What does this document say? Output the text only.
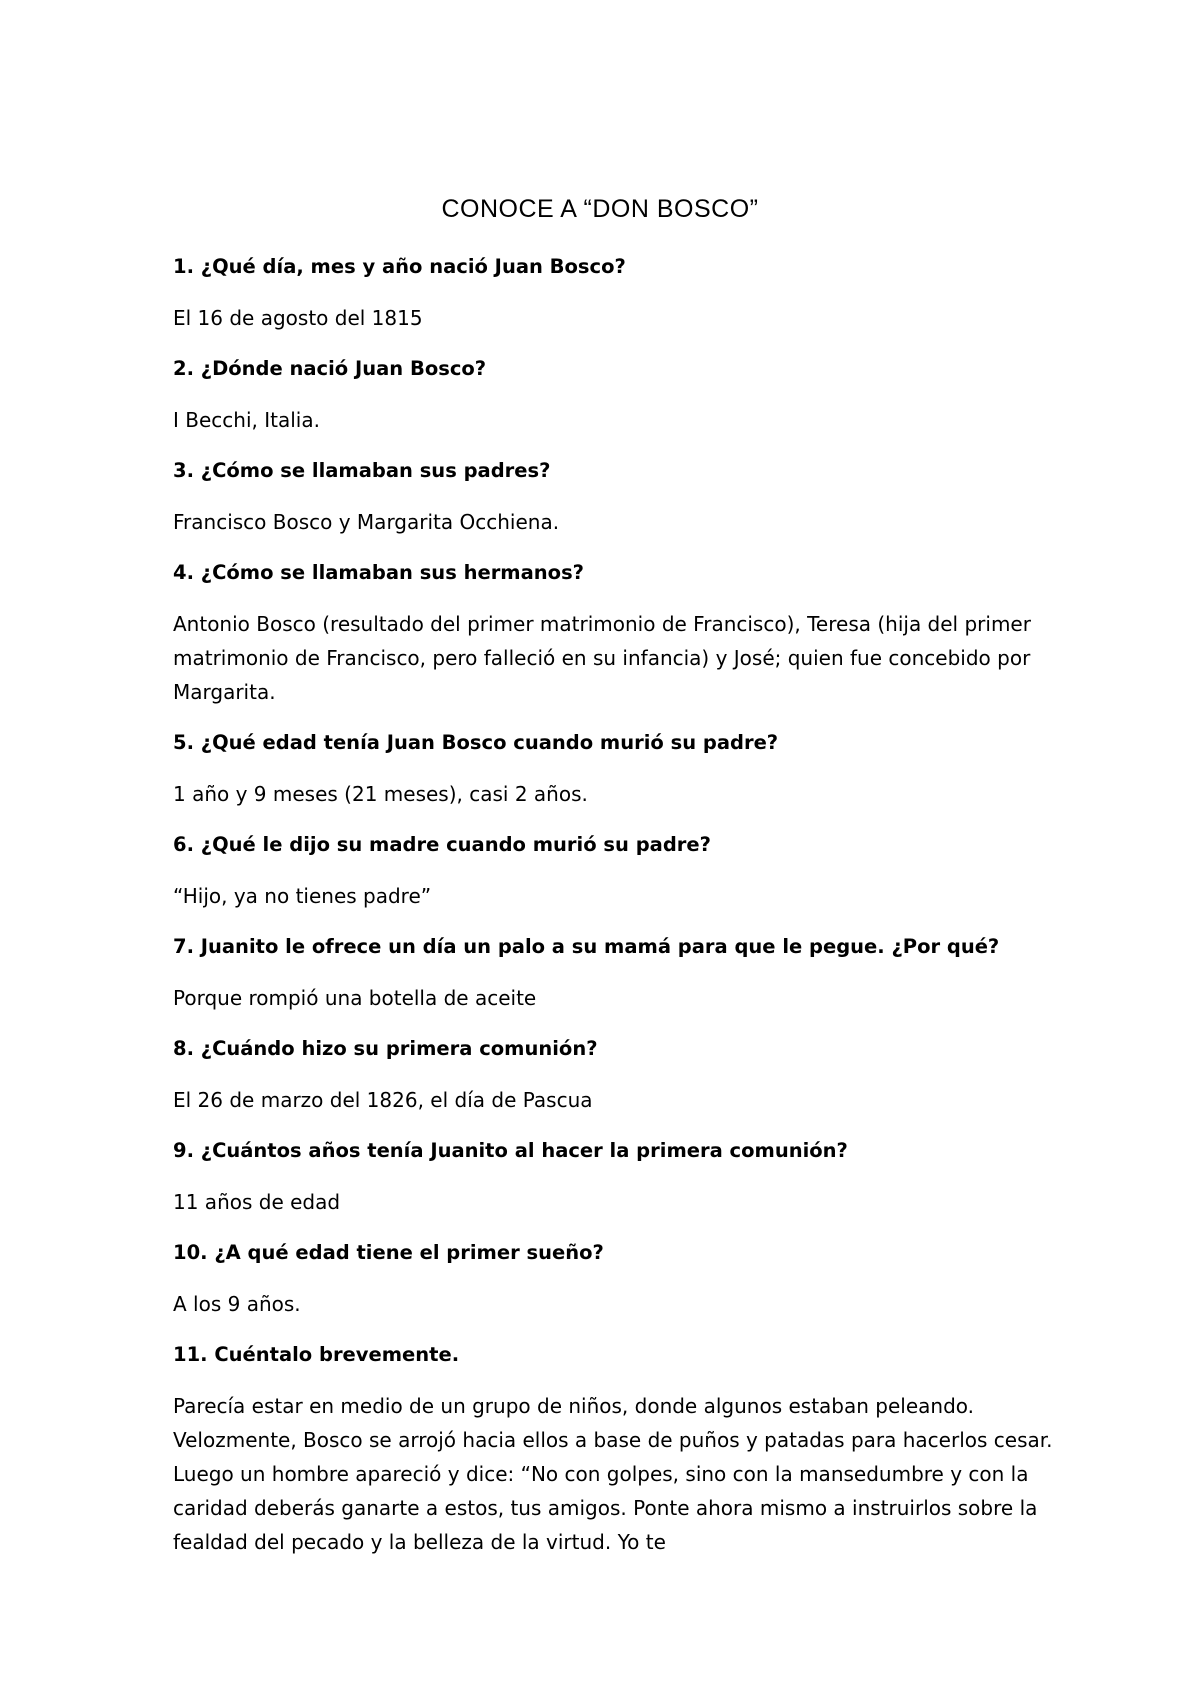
CONOCE A “DON BOSCO”

1. ¿Qué día, mes y año nació Juan Bosco?

El 16 de agosto del 1815

2. ¿Dónde nació Juan Bosco?

I Becchi, Italia.

3. ¿Cómo se llamaban sus padres?

Francisco Bosco y Margarita Occhiena.

4. ¿Cómo se llamaban sus hermanos?

Antonio Bosco (resultado del primer matrimonio de Francisco), Teresa (hija del primer matrimonio de Francisco, pero falleció en su infancia) y José; quien fue concebido por Margarita.

5. ¿Qué edad tenía Juan Bosco cuando murió su padre?

1 año y 9 meses (21 meses), casi 2 años.

6. ¿Qué le dijo su madre cuando murió su padre?

“Hijo, ya no tienes padre”

7. Juanito le ofrece un día un palo a su mamá para que le pegue. ¿Por qué?

Porque rompió una botella de aceite

8. ¿Cuándo hizo su primera comunión?

El 26 de marzo del 1826, el día de Pascua

9. ¿Cuántos años tenía Juanito al hacer la primera comunión?

11 años de edad

10. ¿A qué edad tiene el primer sueño?

A los 9 años.

11. Cuéntalo brevemente.

Parecía estar en medio de un grupo de niños, donde algunos estaban peleando. Velozmente, Bosco se arrojó hacia ellos a base de puños y patadas para hacerlos cesar. Luego un hombre apareció y dice: “No con golpes, sino con la mansedumbre y con la caridad deberás ganarte a estos, tus amigos. Ponte ahora mismo a instruirlos sobre la fealdad del pecado y la belleza de la virtud. Yo te
